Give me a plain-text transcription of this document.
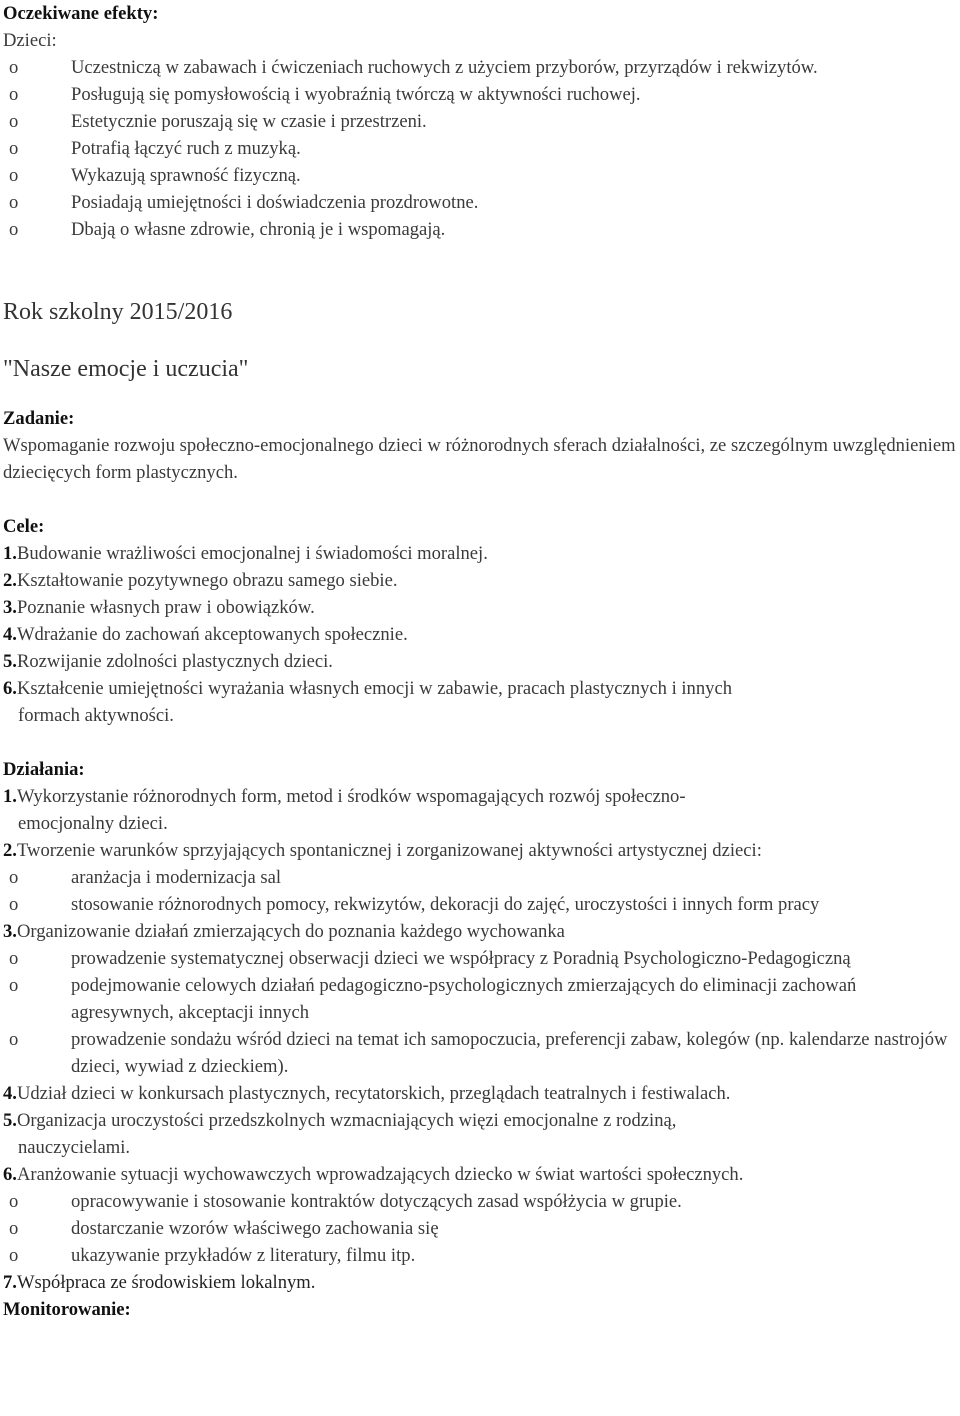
Oczekiwane efekty:

Dzieci:

o	Uczestniczą w zabawach i ćwiczeniach ruchowych z użyciem przyborów, przyrządów i rekwizytów.
o	Posługują się pomysłowością i wyobraźnią twórczą w aktywności ruchowej.
o	Estetycznie poruszają się w czasie i przestrzeni.
o	Potrafią łączyć ruch z muzyką.
o	Wykazują sprawność fizyczną.
o	Posiadają umiejętności i doświadczenia prozdrowotne.
o	Dbają o własne zdrowie, chronią je i wspomagają.

Rok szkolny 2015/2016

"Nasze emocje i uczucia"

Zadanie:

Wspomaganie rozwoju społeczno-emocjonalnego dzieci w różnorodnych sferach działalności, ze szczególnym uwzględnieniem dziecięcych form plastycznych.

Cele:

1. Budowanie wrażliwości emocjonalnej i świadomości moralnej.
2. Kształtowanie pozytywnego obrazu samego siebie.
3. Poznanie własnych praw i obowiązków.
4. Wdrażanie do zachowań akceptowanych społecznie.
5. Rozwijanie zdolności plastycznych dzieci.
6. Kształcenie umiejętności wyrażania własnych emocji w zabawie, pracach plastycznych i innych
formach aktywności.

Działania:

1. Wykorzystanie różnorodnych form, metod i środków wspomagających rozwój społeczno-
emocjonalny dzieci.
2. Tworzenie warunków sprzyjających spontanicznej i zorganizowanej aktywności artystycznej dzieci:
o	aranżacja i modernizacja sal
o	stosowanie różnorodnych pomocy, rekwizytów, dekoracji do zajęć, uroczystości i innych form pracy
3. Organizowanie działań zmierzających do poznania każdego wychowanka
o	prowadzenie systematycznej obserwacji dzieci we współpracy z Poradnią Psychologiczno-Pedagogiczną
o	podejmowanie celowych działań pedagogiczno-psychologicznych zmierzających do eliminacji zachowań agresywnych, akceptacji innych
o	prowadzenie sondażu wśród dzieci na temat ich samopoczucia, preferencji zabaw, kolegów (np. kalendarze nastrojów dzieci, wywiad z dzieckiem).
4. Udział dzieci w konkursach plastycznych, recytatorskich, przeglądach teatralnych i festiwalach.
5. Organizacja uroczystości przedszkolnych wzmacniających więzi emocjonalne z rodziną,
nauczycielami.
6. Aranżowanie sytuacji wychowawczych wprowadzających dziecko w świat wartości społecznych.
o	opracowywanie i stosowanie kontraktów dotyczących zasad współżycia w grupie.
o	dostarczanie wzorów właściwego zachowania się
o	ukazywanie przykładów z literatury, filmu itp.
7. Współpraca ze środowiskiem lokalnym.

Monitorowanie:
